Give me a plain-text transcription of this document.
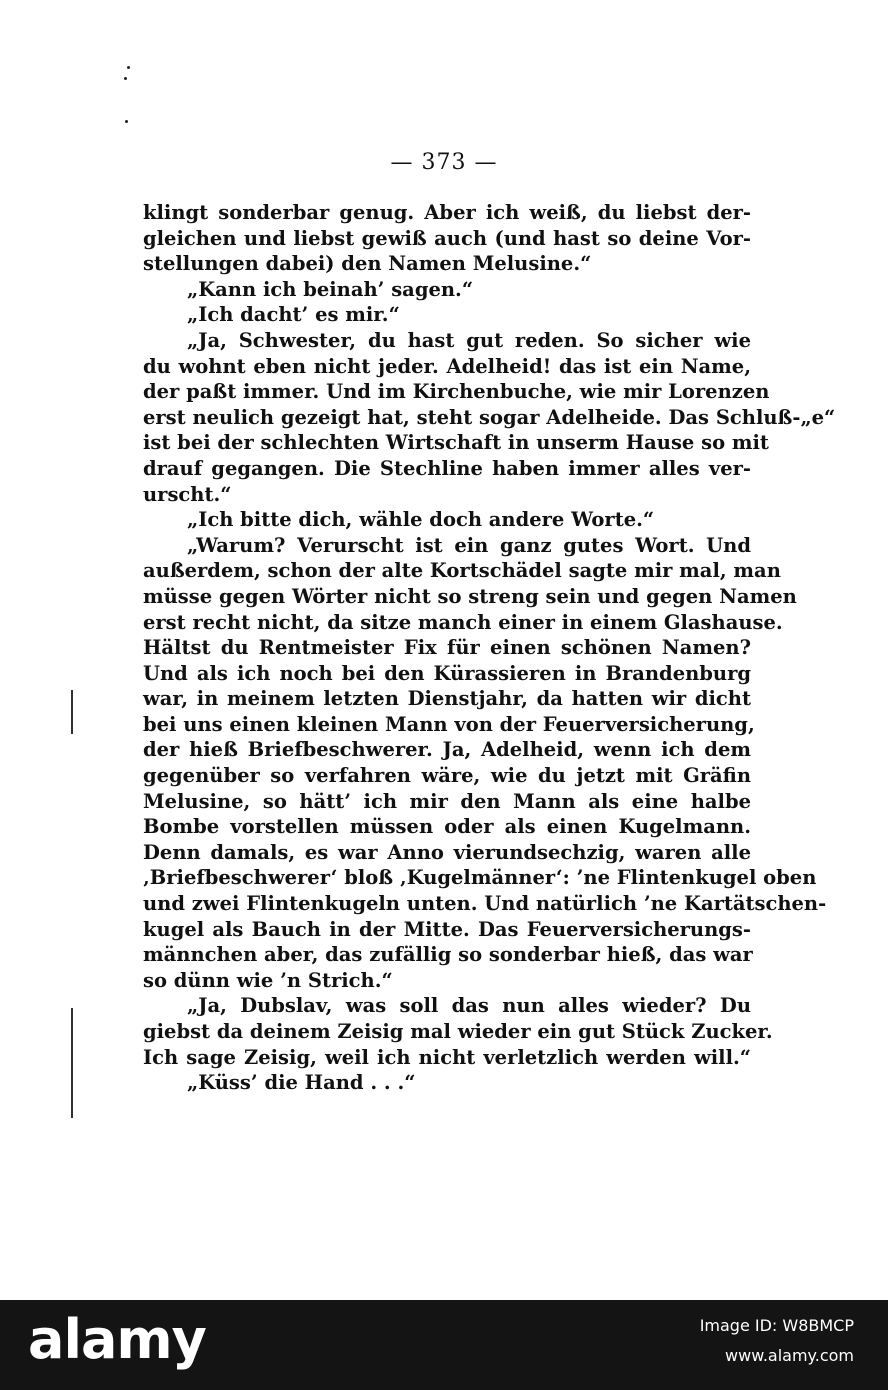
— 373 —
klingt sonderbar genug. Aber ich weiß, du liebst der-
gleichen und liebst gewiß auch (und hast so deine Vor-
stellungen dabei) den Namen Melusine.“
„Kann ich beinah’ sagen.“
„Ich dacht’ es mir.“
„Ja, Schwester, du hast gut reden. So sicher wie
du wohnt eben nicht jeder. Adelheid! das ist ein Name,
der paßt immer. Und im Kirchenbuche, wie mir Lorenzen
erst neulich gezeigt hat, steht sogar Adelheide. Das Schluß-„e“
ist bei der schlechten Wirtschaft in unserm Hause so mit
drauf gegangen. Die Stechline haben immer alles ver-
urscht.“
„Ich bitte dich, wähle doch andere Worte.“
„Warum? Verurscht ist ein ganz gutes Wort. Und
außerdem, schon der alte Kortschädel sagte mir mal, man
müsse gegen Wörter nicht so streng sein und gegen Namen
erst recht nicht, da sitze manch einer in einem Glashause.
Hältst du Rentmeister Fix für einen schönen Namen?
Und als ich noch bei den Kürassieren in Brandenburg
war, in meinem letzten Dienstjahr, da hatten wir dicht
bei uns einen kleinen Mann von der Feuerversicherung,
der hieß Briefbeschwerer. Ja, Adelheid, wenn ich dem
gegenüber so verfahren wäre, wie du jetzt mit Gräfin
Melusine, so hätt’ ich mir den Mann als eine halbe
Bombe vorstellen müssen oder als einen Kugelmann.
Denn damals, es war Anno vierundsechzig, waren alle
‚Briefbeschwerer‘ bloß ‚Kugelmänner‘: ’ne Flintenkugel oben
und zwei Flintenkugeln unten. Und natürlich ’ne Kartätschen-
kugel als Bauch in der Mitte. Das Feuerversicherungs-
männchen aber, das zufällig so sonderbar hieß, das war
so dünn wie ’n Strich.“
„Ja, Dubslav, was soll das nun alles wieder? Du
giebst da deinem Zeisig mal wieder ein gut Stück Zucker.
Ich sage Zeisig, weil ich nicht verletzlich werden will.“
„Küss’ die Hand . . .“
alamy	Image ID: W8BMCP
www.alamy.com
